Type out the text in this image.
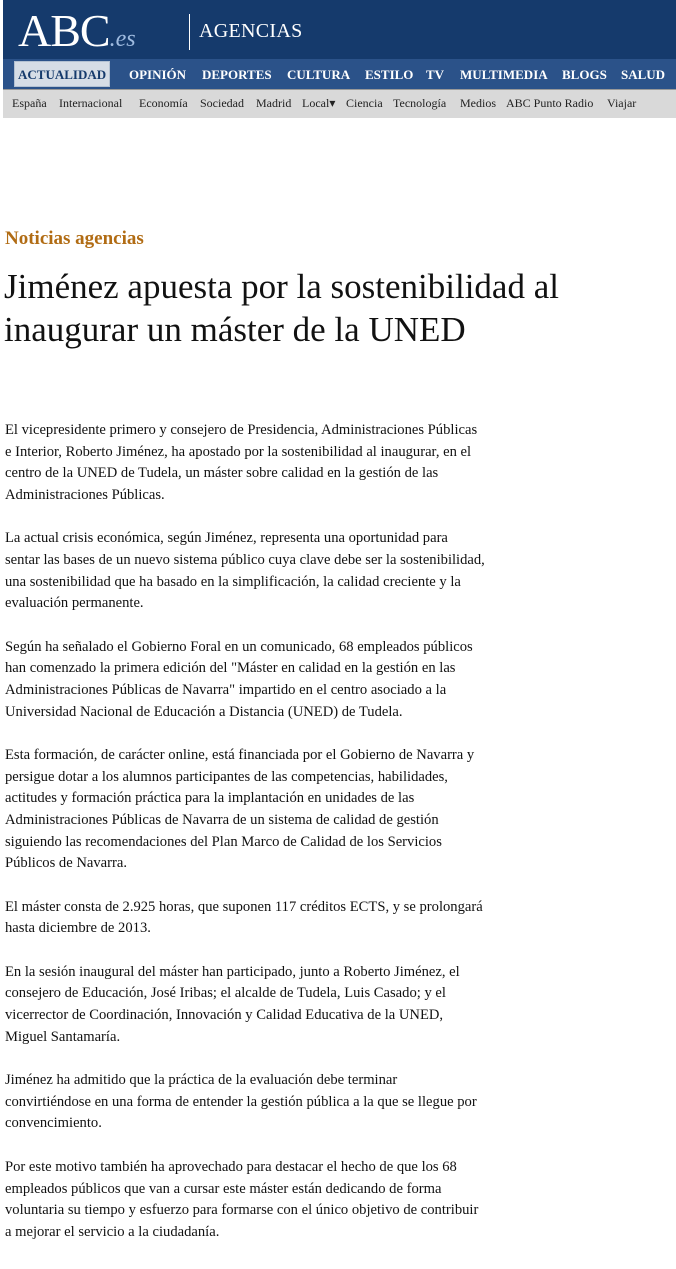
ABC.es	AGENCIAS
ACTUALIDAD	OPINIÓN DEPORTES CULTURA ESTILO TV MULTIMEDIA BLOGS SALUD
España Internacional Economía Sociedad Madrid Local▾ Ciencia Tecnología Medios ABC Punto Radio Viajar
Noticias agencias
Jiménez apuesta por la sostenibilidad al inaugurar un máster de la UNED

El vicepresidente primero y consejero de Presidencia, Administraciones Públicas e Interior, Roberto Jiménez, ha apostado por la sostenibilidad al inaugurar, en el centro de la UNED de Tudela, un máster sobre calidad en la gestión de las Administraciones Públicas.

La actual crisis económica, según Jiménez, representa una oportunidad para sentar las bases de un nuevo sistema público cuya clave debe ser la sostenibilidad, una sostenibilidad que ha basado en la simplificación, la calidad creciente y la evaluación permanente.

Según ha señalado el Gobierno Foral en un comunicado, 68 empleados públicos han comenzado la primera edición del "Máster en calidad en la gestión en las Administraciones Públicas de Navarra" impartido en el centro asociado a la Universidad Nacional de Educación a Distancia (UNED) de Tudela.

Esta formación, de carácter online, está financiada por el Gobierno de Navarra y persigue dotar a los alumnos participantes de las competencias, habilidades, actitudes y formación práctica para la implantación en unidades de las Administraciones Públicas de Navarra de un sistema de calidad de gestión siguiendo las recomendaciones del Plan Marco de Calidad de los Servicios Públicos de Navarra.

El máster consta de 2.925 horas, que suponen 117 créditos ECTS, y se prolongará hasta diciembre de 2013.

En la sesión inaugural del máster han participado, junto a Roberto Jiménez, el consejero de Educación, José Iribas; el alcalde de Tudela, Luis Casado; y el vicerrector de Coordinación, Innovación y Calidad Educativa de la UNED, Miguel Santamaría.

Jiménez ha admitido que la práctica de la evaluación debe terminar convirtiéndose en una forma de entender la gestión pública a la que se llegue por convencimiento.

Por este motivo también ha aprovechado para destacar el hecho de que los 68 empleados públicos que van a cursar este máster están dedicando de forma voluntaria su tiempo y esfuerzo para formarse con el único objetivo de contribuir a mejorar el servicio a la ciudadanía.
